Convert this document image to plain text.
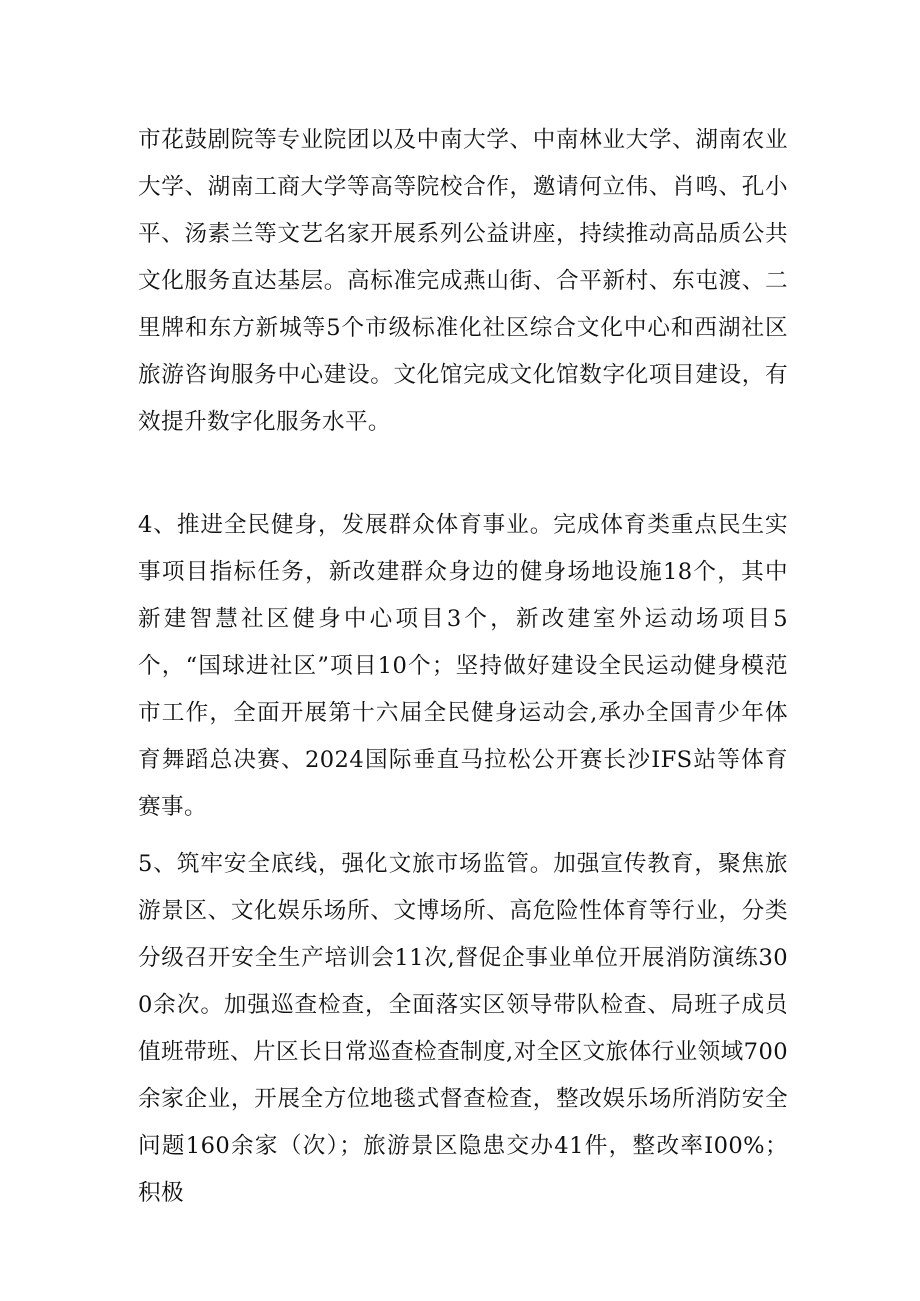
市花鼓剧院等专业院团以及中南大学、中南林业大学、湖南农业大学、湖南工商大学等高等院校合作，邀请何立伟、肖鸣、孔小平、汤素兰等文艺名家开展系列公益讲座，持续推动高品质公共文化服务直达基层。高标准完成燕山街、合平新村、东屯渡、二里牌和东方新城等5个市级标准化社区综合文化中心和西湖社区旅游咨询服务中心建设。文化馆完成文化馆数字化项目建设，有效提升数字化服务水平。

4、推进全民健身，发展群众体育事业。完成体育类重点民生实事项目指标任务，新改建群众身边的健身场地设施18个，其中新建智慧社区健身中心项目3个，新改建室外运动场项目5个，“国球进社区”项目10个；坚持做好建设全民运动健身模范市工作，全面开展第十六届全民健身运动会,承办全国青少年体育舞蹈总决赛、2024国际垂直马拉松公开赛长沙IFS站等体育赛事。

5、筑牢安全底线，强化文旅市场监管。加强宣传教育，聚焦旅游景区、文化娱乐场所、文博场所、高危险性体育等行业，分类分级召开安全生产培训会11次,督促企事业单位开展消防演练300余次。加强巡查检查，全面落实区领导带队检查、局班子成员值班带班、片区长日常巡查检查制度,对全区文旅体行业领域700余家企业，开展全方位地毯式督查检查，整改娱乐场所消防安全问题160余家（次）；旅游景区隐患交办41件，整改率I00%；积极
